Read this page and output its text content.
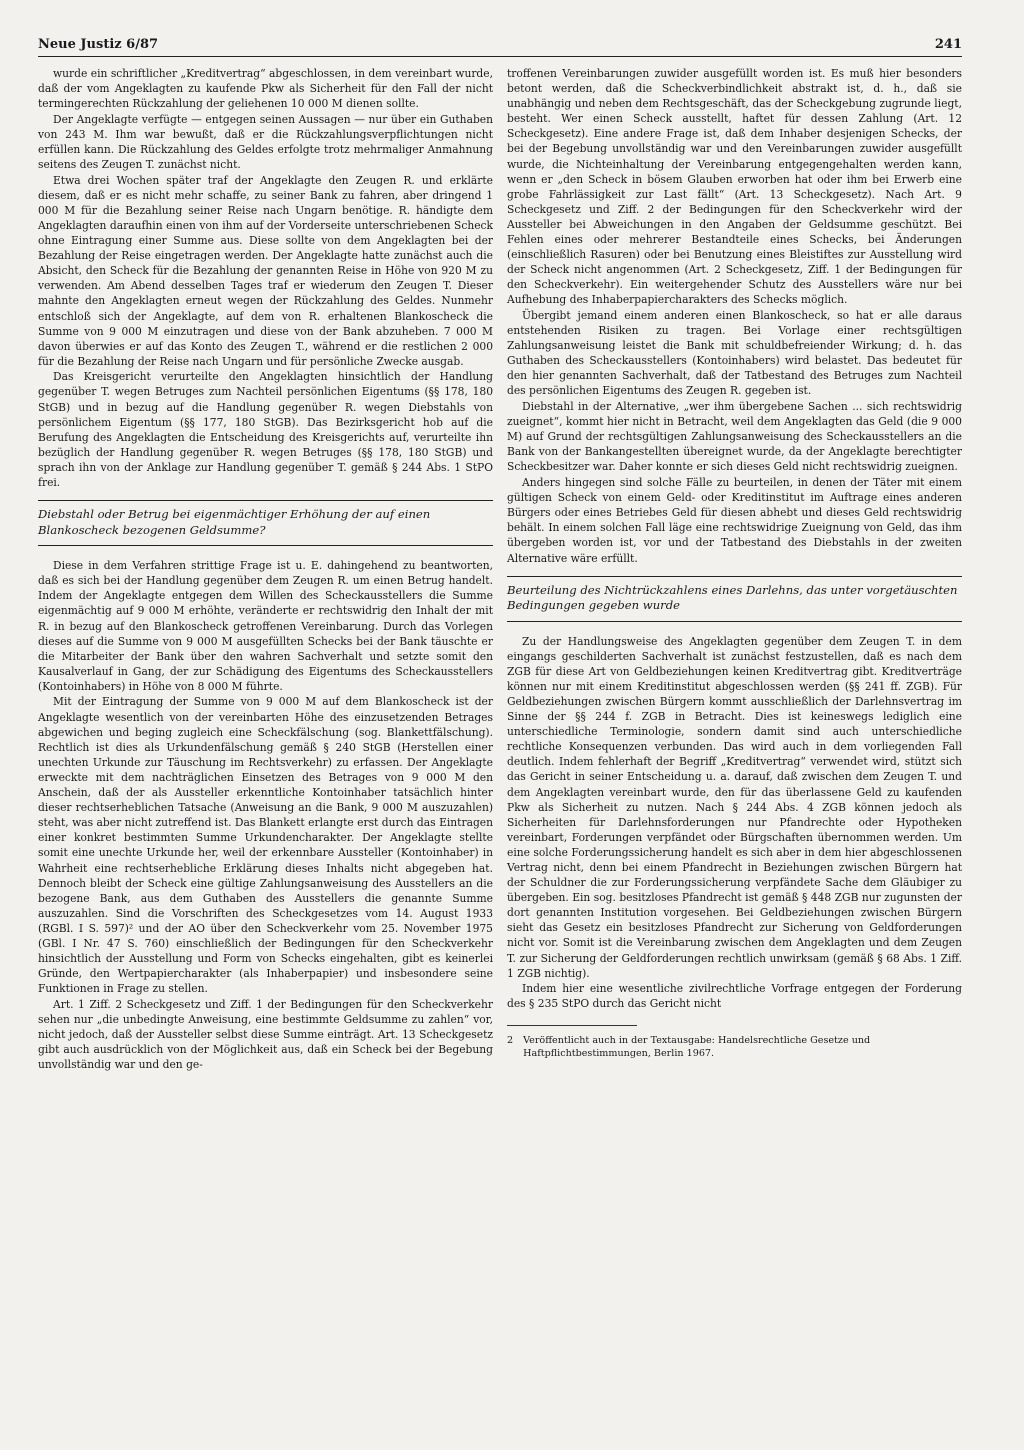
Neue Justiz 6/87	241

wurde ein schriftlicher „Kreditvertrag“ abgeschlossen, in dem vereinbart wurde, daß der vom Angeklagten zu kaufende Pkw als Sicherheit für den Fall der nicht termingerechten Rückzahlung der geliehenen 10 000 M dienen sollte.

Der Angeklagte verfügte — entgegen seinen Aussagen — nur über ein Guthaben von 243 M. Ihm war bewußt, daß er die Rückzahlungsverpflichtungen nicht erfüllen kann. Die Rückzahlung des Geldes erfolgte trotz mehrmaliger Anmahnung seitens des Zeugen T. zunächst nicht.

Etwa drei Wochen später traf der Angeklagte den Zeugen R. und erklärte diesem, daß er es nicht mehr schaffe, zu seiner Bank zu fahren, aber dringend 1 000 M für die Bezahlung seiner Reise nach Ungarn benötige. R. händigte dem Angeklagten daraufhin einen von ihm auf der Vorderseite unterschriebenen Scheck ohne Eintragung einer Summe aus. Diese sollte von dem Angeklagten bei der Bezahlung der Reise eingetragen werden. Der Angeklagte hatte zunächst auch die Absicht, den Scheck für die Bezahlung der genannten Reise in Höhe von 920 M zu verwenden. Am Abend desselben Tages traf er wiederum den Zeugen T. Dieser mahnte den Angeklagten erneut wegen der Rückzahlung des Geldes. Nunmehr entschloß sich der Angeklagte, auf dem von R. erhaltenen Blankoscheck die Summe von 9 000 M einzutragen und diese von der Bank abzuheben. 7 000 M davon überwies er auf das Konto des Zeugen T., während er die restlichen 2 000 für die Bezahlung der Reise nach Ungarn und für persönliche Zwecke ausgab.

Das Kreisgericht verurteilte den Angeklagten hinsichtlich der Handlung gegenüber T. wegen Betruges zum Nachteil persönlichen Eigentums (§§ 178, 180 StGB) und in bezug auf die Handlung gegenüber R. wegen Diebstahls von persönlichem Eigentum (§§ 177, 180 StGB). Das Bezirksgericht hob auf die Berufung des Angeklagten die Entscheidung des Kreisgerichts auf, verurteilte ihn bezüglich der Handlung gegenüber R. wegen Betruges (§§ 178, 180 StGB) und sprach ihn von der Anklage zur Handlung gegenüber T. gemäß § 244 Abs. 1 StPO frei.

Diebstahl oder Betrug bei eigenmächtiger Erhöhung der auf einen Blankoscheck bezogenen Geldsumme?

Diese in dem Verfahren strittige Frage ist u. E. dahingehend zu beantworten, daß es sich bei der Handlung gegenüber dem Zeugen R. um einen Betrug handelt. Indem der Angeklagte entgegen dem Willen des Scheckausstellers die Summe eigenmächtig auf 9 000 M erhöhte, veränderte er rechtswidrig den Inhalt der mit R. in bezug auf den Blankoscheck getroffenen Vereinbarung. Durch das Vorlegen dieses auf die Summe von 9 000 M ausgefüllten Schecks bei der Bank täuschte er die Mitarbeiter der Bank über den wahren Sachverhalt und setzte somit den Kausalverlauf in Gang, der zur Schädigung des Eigentums des Scheckausstellers (Kontoinhabers) in Höhe von 8 000 M führte.

Mit der Eintragung der Summe von 9 000 M auf dem Blankoscheck ist der Angeklagte wesentlich von der vereinbarten Höhe des einzusetzenden Betrages abgewichen und beging zugleich eine Scheckfälschung (sog. Blankettfälschung). Rechtlich ist dies als Urkundenfälschung gemäß § 240 StGB (Herstellen einer unechten Urkunde zur Täuschung im Rechtsverkehr) zu erfassen. Der Angeklagte erweckte mit dem nachträglichen Einsetzen des Betrages von 9 000 M den Anschein, daß der als Aussteller erkenntliche Kontoinhaber tatsächlich hinter dieser rechtserheblichen Tatsache (Anweisung an die Bank, 9 000 M auszuzahlen) steht, was aber nicht zutreffend ist. Das Blankett erlangte erst durch das Eintragen einer konkret bestimmten Summe Urkundencharakter. Der Angeklagte stellte somit eine unechte Urkunde her, weil der erkennbare Aussteller (Kontoinhaber) in Wahrheit eine rechtserhebliche Erklärung dieses Inhalts nicht abgegeben hat. Dennoch bleibt der Scheck eine gültige Zahlungsanweisung des Ausstellers an die bezogene Bank, aus dem Guthaben des Ausstellers die genannte Summe auszuzahlen. Sind die Vorschriften des Scheckgesetzes vom 14. August 1933 (RGBl. I S. 597)² und der AO über den Scheckverkehr vom 25. November 1975 (GBl. I Nr. 47 S. 760) einschließlich der Bedingungen für den Scheckverkehr hinsichtlich der Ausstellung und Form von Schecks eingehalten, gibt es keinerlei Gründe, den Wertpapiercharakter (als Inhaberpapier) und insbesondere seine Funktionen in Frage zu stellen.

Art. 1 Ziff. 2 Scheckgesetz und Ziff. 1 der Bedingungen für den Scheckverkehr sehen nur „die unbedingte Anweisung, eine bestimmte Geldsumme zu zahlen“ vor, nicht jedoch, daß der Aussteller selbst diese Summe einträgt. Art. 13 Scheckgesetz gibt auch ausdrücklich von der Möglichkeit aus, daß ein Scheck bei der Begebung unvollständig war und den ge-

troffenen Vereinbarungen zuwider ausgefüllt worden ist. Es muß hier besonders betont werden, daß die Scheckverbindlichkeit abstrakt ist, d. h., daß sie unabhängig und neben dem Rechtsgeschäft, das der Scheckgebung zugrunde liegt, besteht. Wer einen Scheck ausstellt, haftet für dessen Zahlung (Art. 12 Scheckgesetz). Eine andere Frage ist, daß dem Inhaber desjenigen Schecks, der bei der Begebung unvollständig war und den Vereinbarungen zuwider ausgefüllt wurde, die Nichteinhaltung der Vereinbarung entgegengehalten werden kann, wenn er „den Scheck in bösem Glauben erworben hat oder ihm bei Erwerb eine grobe Fahrlässigkeit zur Last fällt“ (Art. 13 Scheckgesetz). Nach Art. 9 Scheckgesetz und Ziff. 2 der Bedingungen für den Scheckverkehr wird der Aussteller bei Abweichungen in den Angaben der Geldsumme geschützt. Bei Fehlen eines oder mehrerer Bestandteile eines Schecks, bei Änderungen (einschließlich Rasuren) oder bei Benutzung eines Bleistiftes zur Ausstellung wird der Scheck nicht angenommen (Art. 2 Scheckgesetz, Ziff. 1 der Bedingungen für den Scheckverkehr). Ein weitergehender Schutz des Ausstellers wäre nur bei Aufhebung des Inhaberpapiercharakters des Schecks möglich.

Übergibt jemand einem anderen einen Blankoscheck, so hat er alle daraus entstehenden Risiken zu tragen. Bei Vorlage einer rechtsgültigen Zahlungsanweisung leistet die Bank mit schuldbefreiender Wirkung; d. h. das Guthaben des Scheckausstellers (Kontoinhabers) wird belastet. Das bedeutet für den hier genannten Sachverhalt, daß der Tatbestand des Betruges zum Nachteil des persönlichen Eigentums des Zeugen R. gegeben ist.

Diebstahl in der Alternative, „wer ihm übergebene Sachen ... sich rechtswidrig zueignet“, kommt hier nicht in Betracht, weil dem Angeklagten das Geld (die 9 000 M) auf Grund der rechtsgültigen Zahlungsanweisung des Scheckausstellers an die Bank von der Bankangestellten übereignet wurde, da der Angeklagte berechtigter Scheckbesitzer war. Daher konnte er sich dieses Geld nicht rechtswidrig zueignen.

Anders hingegen sind solche Fälle zu beurteilen, in denen der Täter mit einem gültigen Scheck von einem Geld- oder Kreditinstitut im Auftrage eines anderen Bürgers oder eines Betriebes Geld für diesen abhebt und dieses Geld rechtswidrig behält. In einem solchen Fall läge eine rechtswidrige Zueignung von Geld, das ihm übergeben worden ist, vor und der Tatbestand des Diebstahls in der zweiten Alternative wäre erfüllt.

Beurteilung des Nichtrückzahlens eines Darlehns, das unter vorgetäuschten Bedingungen gegeben wurde

Zu der Handlungsweise des Angeklagten gegenüber dem Zeugen T. in dem eingangs geschilderten Sachverhalt ist zunächst festzustellen, daß es nach dem ZGB für diese Art von Geldbeziehungen keinen Kreditvertrag gibt. Kreditverträge können nur mit einem Kreditinstitut abgeschlossen werden (§§ 241 ff. ZGB). Für Geldbeziehungen zwischen Bürgern kommt ausschließlich der Darlehnsvertrag im Sinne der §§ 244 f. ZGB in Betracht. Dies ist keineswegs lediglich eine unterschiedliche Terminologie, sondern damit sind auch unterschiedliche rechtliche Konsequenzen verbunden. Das wird auch in dem vorliegenden Fall deutlich. Indem fehlerhaft der Begriff „Kreditvertrag“ verwendet wird, stützt sich das Gericht in seiner Entscheidung u. a. darauf, daß zwischen dem Zeugen T. und dem Angeklagten vereinbart wurde, den für das überlassene Geld zu kaufenden Pkw als Sicherheit zu nutzen. Nach § 244 Abs. 4 ZGB können jedoch als Sicherheiten für Darlehnsforderungen nur Pfandrechte oder Hypotheken vereinbart, Forderungen verpfändet oder Bürgschaften übernommen werden. Um eine solche Forderungssicherung handelt es sich aber in dem hier abgeschlossenen Vertrag nicht, denn bei einem Pfandrecht in Beziehungen zwischen Bürgern hat der Schuldner die zur Forderungssicherung verpfändete Sache dem Gläubiger zu übergeben. Ein sog. besitzloses Pfandrecht ist gemäß § 448 ZGB nur zugunsten der dort genannten Institution vorgesehen. Bei Geldbeziehungen zwischen Bürgern sieht das Gesetz ein besitzloses Pfandrecht zur Sicherung von Geldforderungen nicht vor. Somit ist die Vereinbarung zwischen dem Angeklagten und dem Zeugen T. zur Sicherung der Geldforderungen rechtlich unwirksam (gemäß § 68 Abs. 1 Ziff. 1 ZGB nichtig).

Indem hier eine wesentliche zivilrechtliche Vorfrage entgegen der Forderung des § 235 StPO durch das Gericht nicht

2 Veröffentlicht auch in der Textausgabe: Handelsrechtliche Gesetze und Haftpflichtbestimmungen, Berlin 1967.
